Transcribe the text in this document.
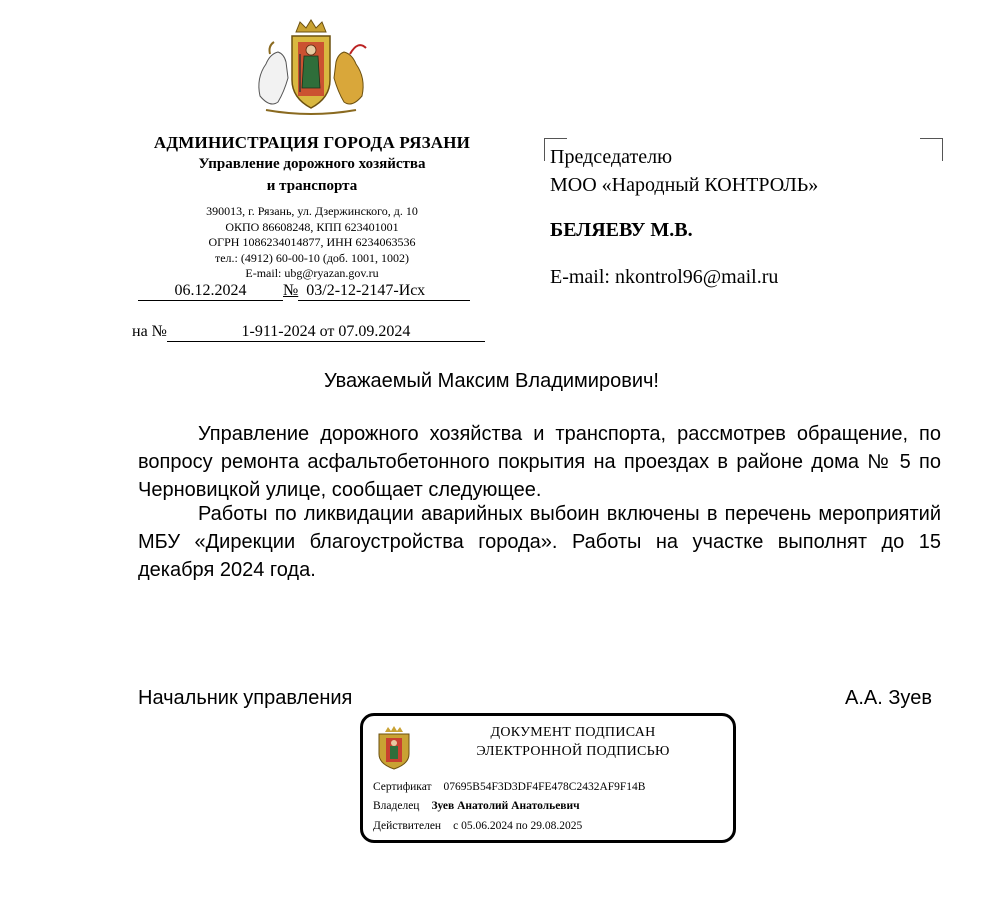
АДМИНИСТРАЦИЯ ГОРОДА РЯЗАНИ
Управление дорожного хозяйства
и транспорта
390013, г. Рязань, ул. Дзержинского, д. 10
ОКПО 86608248, КПП 623401001
ОГРН 1086234014877, ИНН 6234063536
тел.: (4912) 60-00-10 (доб. 1001, 1002)
E-mail: ubg@ryazan.gov.ru
06.12.2024 № 03/2-12-2147-Исх
на №	1-911-2024 от 07.09.2024
Председателю
МОО «Народный КОНТРОЛЬ»
БЕЛЯЕВУ М.В.
E-mail: nkontrol96@mail.ru
Уважаемый Максим Владимирович!
Управление дорожного хозяйства и транспорта, рассмотрев обращение, по вопросу ремонта асфальтобетонного покрытия на проездах в районе дома № 5 по Черновицкой улице, сообщает следующее.
Работы по ликвидации аварийных выбоин включены в перечень мероприятий МБУ «Дирекции благоустройства города». Работы на участке выполнят до 15 декабря 2024 года.
Начальник управления	А.А. Зуев
ДОКУМЕНТ ПОДПИСАН
ЭЛЕКТРОННОЙ ПОДПИСЬЮ
Сертификат 07695B54F3D3DF4FE478C2432AF9F14B
Владелец Зуев Анатолий Анатольевич
Действителен с 05.06.2024 по 29.08.2025
